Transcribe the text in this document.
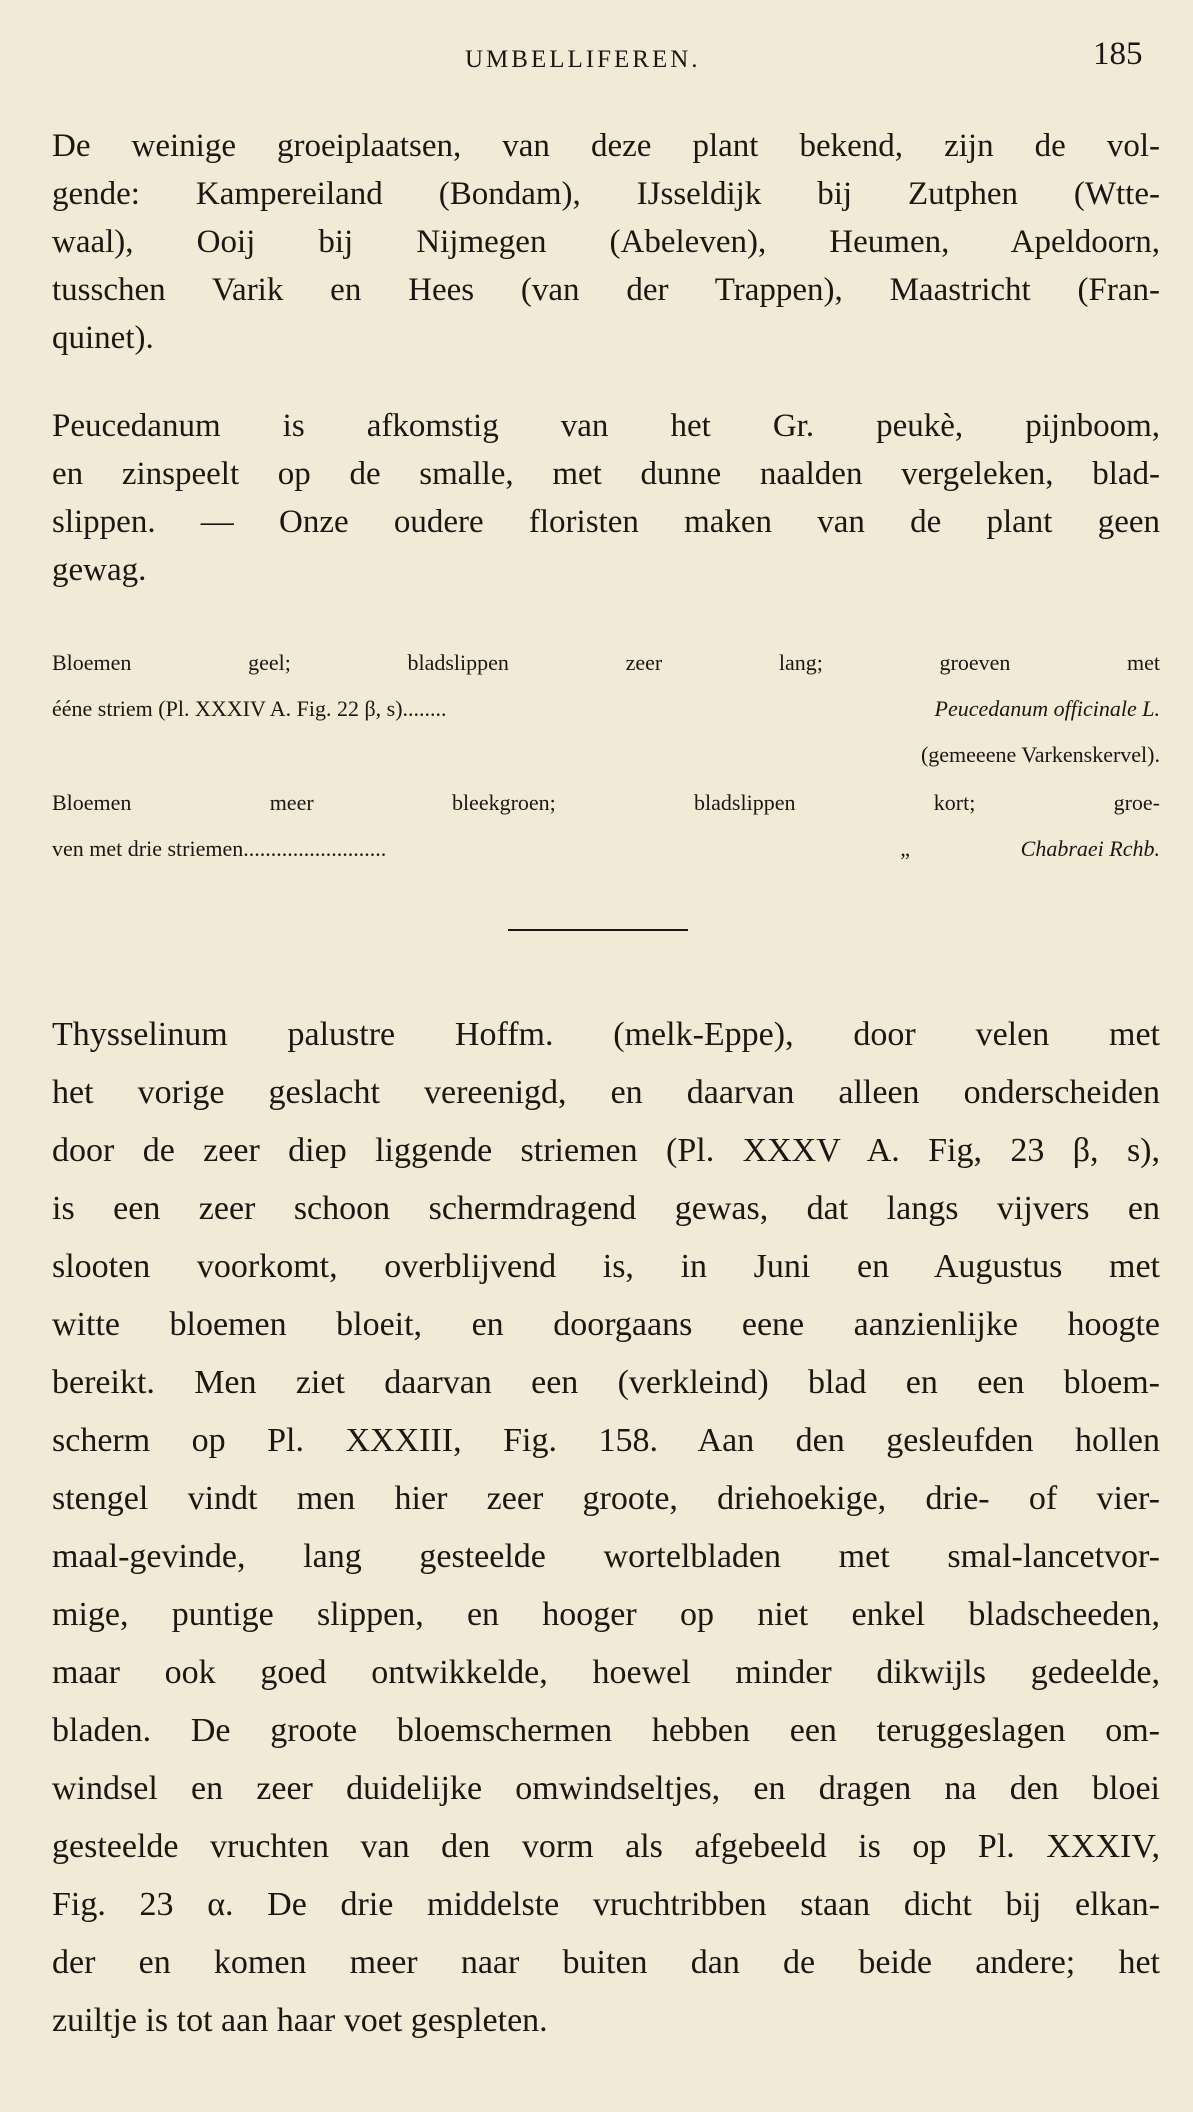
UMBELLIFEREN.	185
De weinige groeiplaatsen, van deze plant bekend, zijn de vol-
gende: Kampereiland (Bondam), IJsseldijk bij Zutphen (Wtte-
waal), Ooij bij Nijmegen (Abeleven), Heumen, Apeldoorn,
tusschen Varik en Hees (van der Trappen), Maastricht (Fran-
quinet).
Peucedanum is afkomstig van het Gr. peukè, pijnboom,
en zinspeelt op de smalle, met dunne naalden vergeleken, blad-
slippen. — Onze oudere floristen maken van de plant geen
gewag.
Bloemen geel; bladslippen zeer lang; groeven met
ééne striem (Pl. XXXIV A. Fig. 22 β, s)........	Peucedanum officinale L.
(gemeeene Varkenskervel).
Bloemen meer bleekgroen; bladslippen kort; groe-
ven met drie striemen..........................	„	Chabraei Rchb.
Thysselinum palustre Hoffm. (melk-Eppe), door velen met
het vorige geslacht vereenigd, en daarvan alleen onderscheiden
door de zeer diep liggende striemen (Pl. XXXV A. Fig, 23 β, s),
is een zeer schoon schermdragend gewas, dat langs vijvers en
slooten voorkomt, overblijvend is, in Juni en Augustus met
witte bloemen bloeit, en doorgaans eene aanzienlijke hoogte
bereikt. Men ziet daarvan een (verkleind) blad en een bloem-
scherm op Pl. XXXIII, Fig. 158. Aan den gesleufden hollen
stengel vindt men hier zeer groote, driehoekige, drie- of vier-
maal-gevinde, lang gesteelde wortelbladen met smal-lancetvor-
mige, puntige slippen, en hooger op niet enkel bladscheeden,
maar ook goed ontwikkelde, hoewel minder dikwijls gedeelde,
bladen. De groote bloemschermen hebben een teruggeslagen om-
windsel en zeer duidelijke omwindseltjes, en dragen na den bloei
gesteelde vruchten van den vorm als afgebeeld is op Pl. XXXIV,
Fig. 23 α. De drie middelste vruchtribben staan dicht bij elkan-
der en komen meer naar buiten dan de beide andere; het
zuiltje is tot aan haar voet gespleten.
